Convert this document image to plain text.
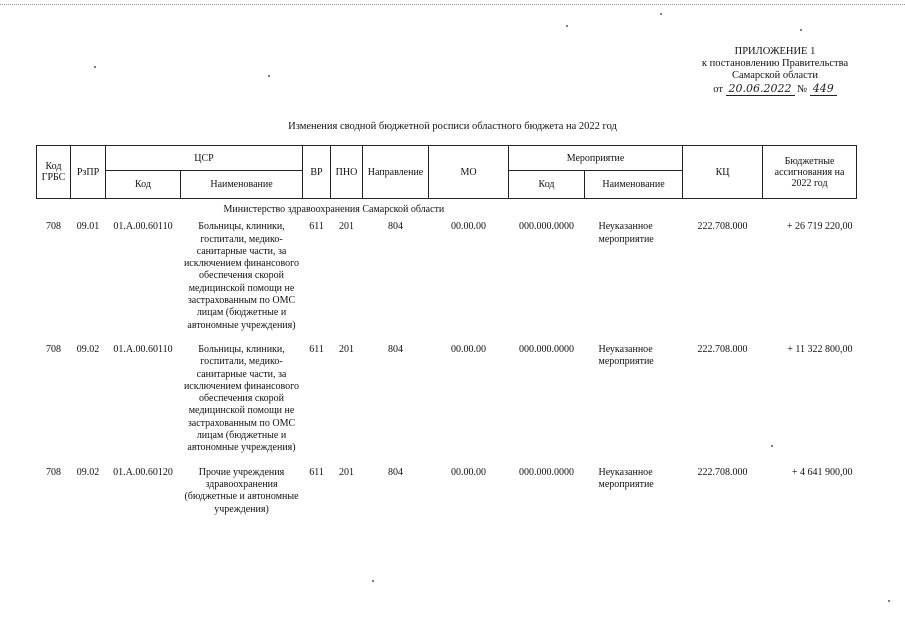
ПРИЛОЖЕНИЕ 1
к постановлению Правительства
Самарской области
от 20.06.2022 № 449
Изменения сводной бюджетной росписи областного бюджета на 2022 год
Код ГРБС	РзПР	ЦСР		ВР	ПНО	Направление	МО	Мероприятие		КЦ	Бюджетные ассигнования на 2022 год
		Код	Наименование					Код	Наименование		
			Министерство здравоохранения Самарской области								
708	09.01	01.А.00.60110	Больницы, клиники, госпитали, медико-санитарные части, за исключением финансового обеспечения скорой медицинской помощи не застрахованным по ОМС лицам (бюджетные и автономные учреждения)	611	201	804	00.00.00	000.000.0000	Неуказанное мероприятие	222.708.000	+ 26 719 220,00

708	09.02	01.А.00.60110	Больницы, клиники, госпитали, медико-санитарные части, за исключением финансового обеспечения скорой медицинской помощи не застрахованным по ОМС лицам (бюджетные и автономные учреждения)	611	201	804	00.00.00	000.000.0000	Неуказанное мероприятие	222.708.000	+ 11 322 800,00

708	09.02	01.А.00.60120	Прочие учреждения здравоохранения (бюджетные и автономные учреждения)	611	201	804	00.00.00	000.000.0000	Неуказанное мероприятие	222.708.000	+ 4 641 900,00
